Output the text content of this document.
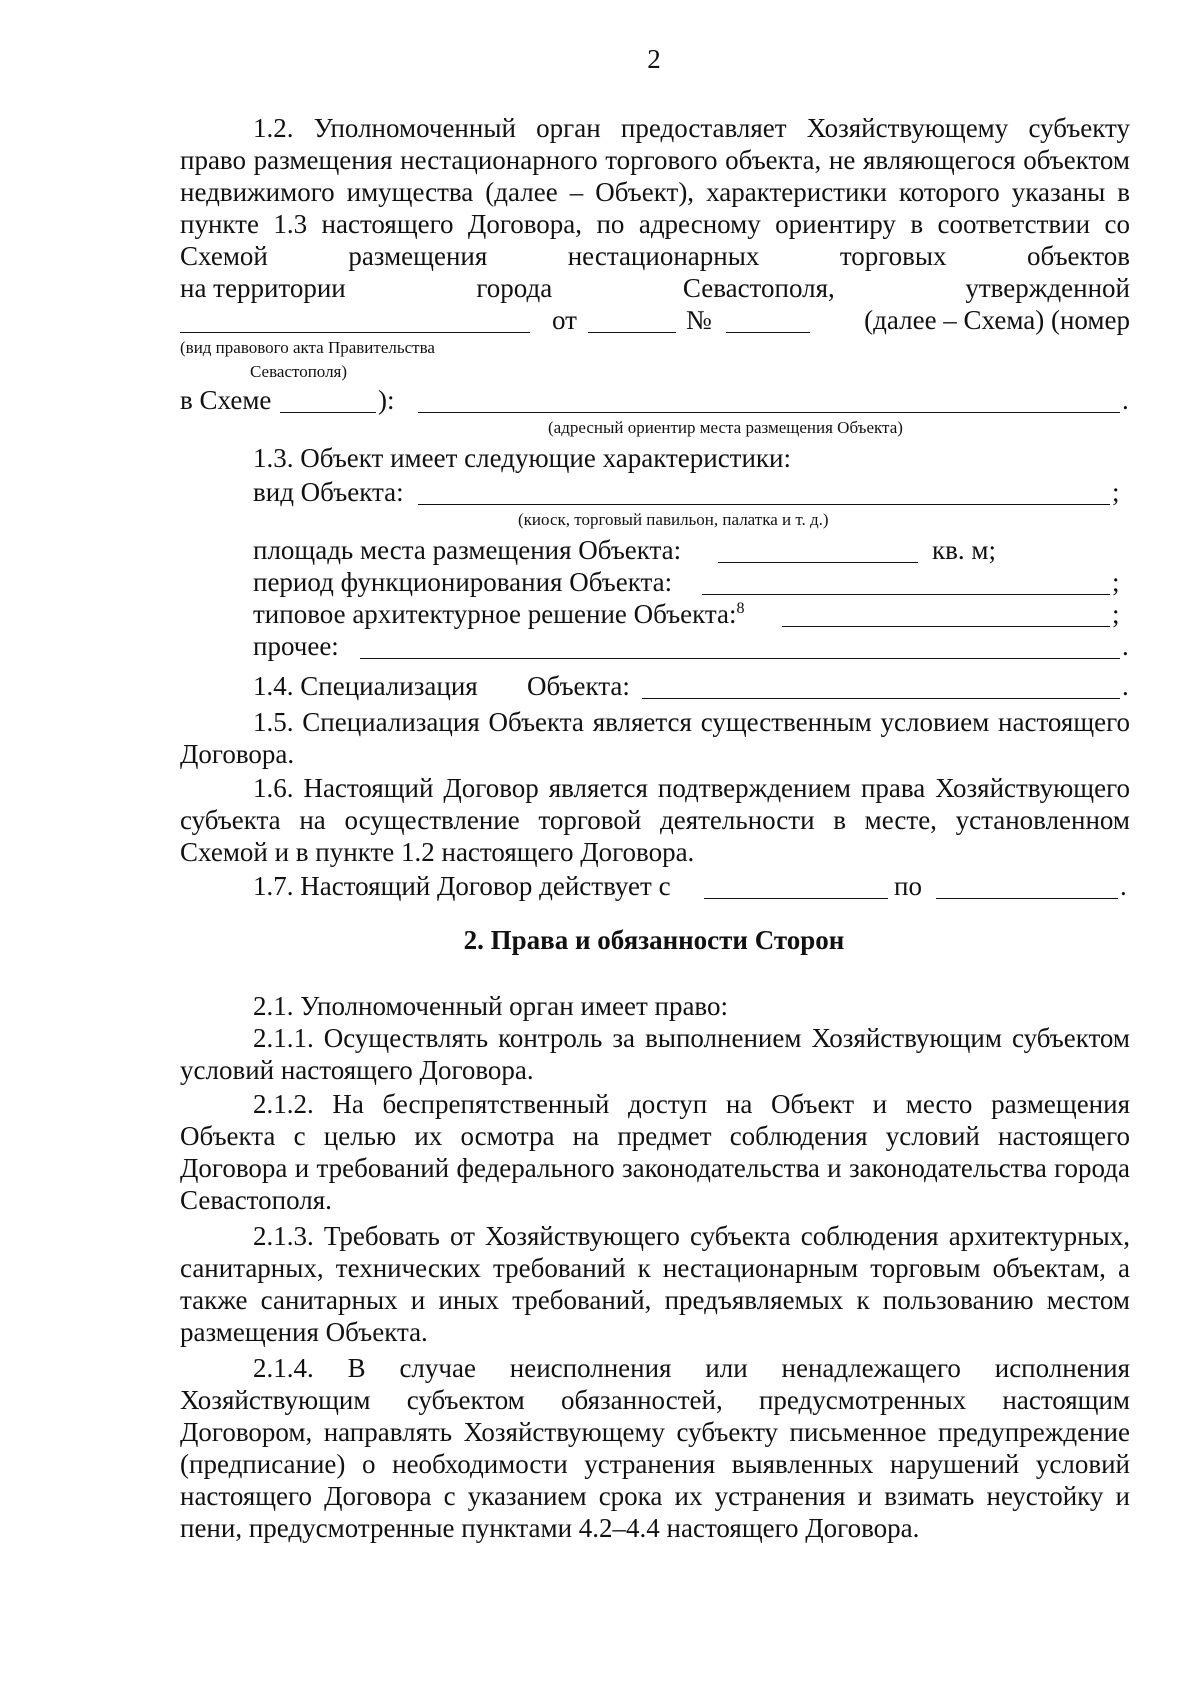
2
1.2. Уполномоченный орган предоставляет Хозяйствующему субъекту право размещения нестационарного торгового объекта, не являющегося объектом недвижимого имущества (далее – Объект), характеристики которого указаны в пункте 1.3 настоящего Договора, по адресному ориентиру в соответствии со Схемой размещения нестационарных торговых объектов
на территории	города	Севастополя,	утвержденной
от	№	(далее – Схема) (номер
(вид правового акта Правительства
Севастополя)
в Схеме	):	.
(адресный ориентир места размещения Объекта)
1.3. Объект имеет следующие характеристики:
вид Объекта:	;
(киоск, торговый павильон, палатка и т. д.)
площадь места размещения Объекта:	кв. м;
период функционирования Объекта:	;
типовое архитектурное решение Объекта:$^8$	;
прочее:	.
1.4. Специализация Объекта:	.
1.5. Специализация Объекта является существенным условием настоящего Договора.
1.6. Настоящий Договор является подтверждением права Хозяйствующего субъекта на осуществление торговой деятельности в месте, установленном Схемой и в пункте 1.2 настоящего Договора.
1.7. Настоящий Договор действует с	по	.
2. Права и обязанности Сторон
2.1. Уполномоченный орган имеет право:
2.1.1. Осуществлять контроль за выполнением Хозяйствующим субъектом условий настоящего Договора.
2.1.2. На беспрепятственный доступ на Объект и место размещения Объекта с целью их осмотра на предмет соблюдения условий настоящего Договора и требований федерального законодательства и законодательства города Севастополя.
2.1.3. Требовать от Хозяйствующего субъекта соблюдения архитектурных, санитарных, технических требований к нестационарным торговым объектам, а также санитарных и иных требований, предъявляемых к пользованию местом размещения Объекта.
2.1.4. В случае неисполнения или ненадлежащего исполнения Хозяйствующим субъектом обязанностей, предусмотренных настоящим Договором, направлять Хозяйствующему субъекту письменное предупреждение (предписание) о необходимости устранения выявленных нарушений условий настоящего Договора с указанием срока их устранения и взимать неустойку и пени, предусмотренные пунктами 4.2–4.4 настоящего Договора.
